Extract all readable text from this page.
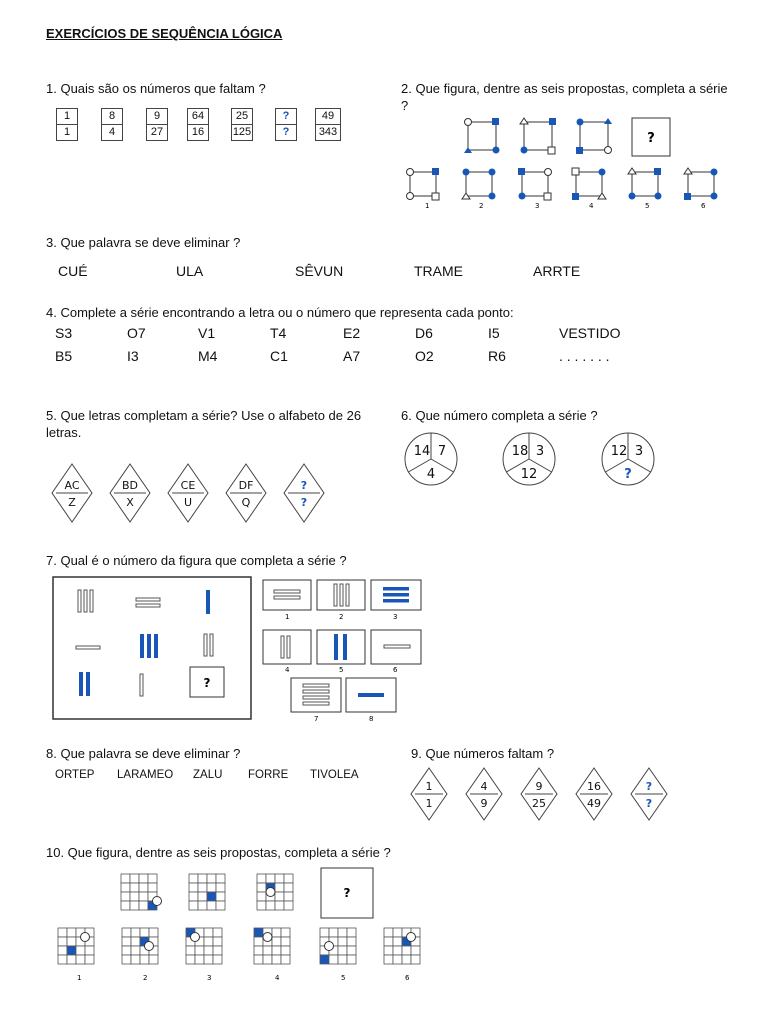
EXERCÍCIOS DE SEQUÊNCIA LÓGICA
1. Quais são os números que faltam ?
1
1
8
4
9
27
64
16
25
125
?
?
49
343
2. Que figura, dentre as seis propostas, completa a série ?
?
1	2	3	4	5	6
3. Que palavra se deve eliminar ?
CUÉ	ULA	SÊVUN	TRAME	ARRTE
4. Complete a série encontrando a letra ou o número que representa cada ponto:
S3	O7	V1	T4	E2	D6	I5	VESTIDO
B5	I3	M4	C1	A7	O2	R6	. . . . . . .
5. Que letras completam a série? Use o alfabeto de 26 letras.
AC
Z
BD
X
CE
U
DF
Q
?
?
6. Que número completa a série ?
14 7
4
18 3
12
12 3
?
7. Qual é o número da figura que completa a série ?
?
1	2	3
4	5	6
7	8
8. Que palavra se deve eliminar ?
ORTEP LARAMEO ZALU FORRE TIVOLEA
9. Que números faltam ?
1
1
4
9
9
25
16
49
?
?
10. Que figura, dentre as seis propostas, completa a série ?
?
1	2	3	4	5	6
